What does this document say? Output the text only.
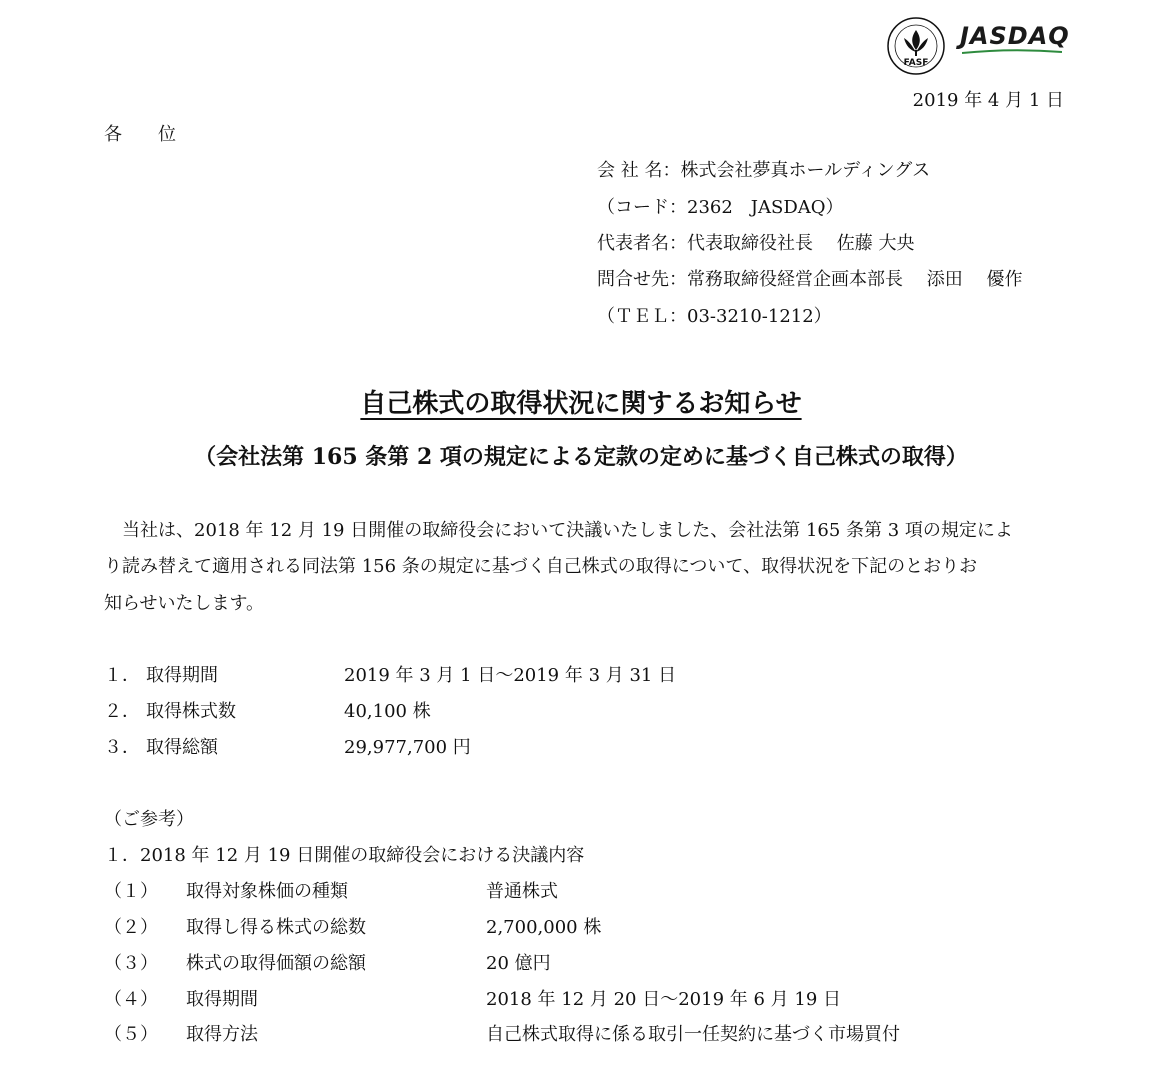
FASF
JASDAQ
2019 年 4 月 1 日
各　　位
会 社 名：株式会社夢真ホールディングス
（コード：2362　JASDAQ）
代表者名：代表取締役社長　 佐藤 大央
問合せ先：常務取締役経営企画本部長　 添田　 優作
（ＴＥＬ：03-3210-1212）
自己株式の取得状況に関するお知らせ
（会社法第 165 条第 2 項の規定による定款の定めに基づく自己株式の取得）
　当社は、2018 年 12 月 19 日開催の取締役会において決議いたしました、会社法第 165 条第 3 項の規定によ
り読み替えて適用される同法第 156 条の規定に基づく自己株式の取得について、取得状況を下記のとおりお
知らせいたします。
１． 取得期間	2019 年 3 月 1 日～2019 年 3 月 31 日
２． 取得株式数	40,100 株
３． 取得総額	29,977,700 円
（ご参考）
１．2018 年 12 月 19 日開催の取締役会における決議内容
（１） 取得対象株価の種類	普通株式
（２） 取得し得る株式の総数	2,700,000 株
（３） 株式の取得価額の総額	20 億円
（４） 取得期間	2018 年 12 月 20 日～2019 年 6 月 19 日
（５） 取得方法	自己株式取得に係る取引一任契約に基づく市場買付
